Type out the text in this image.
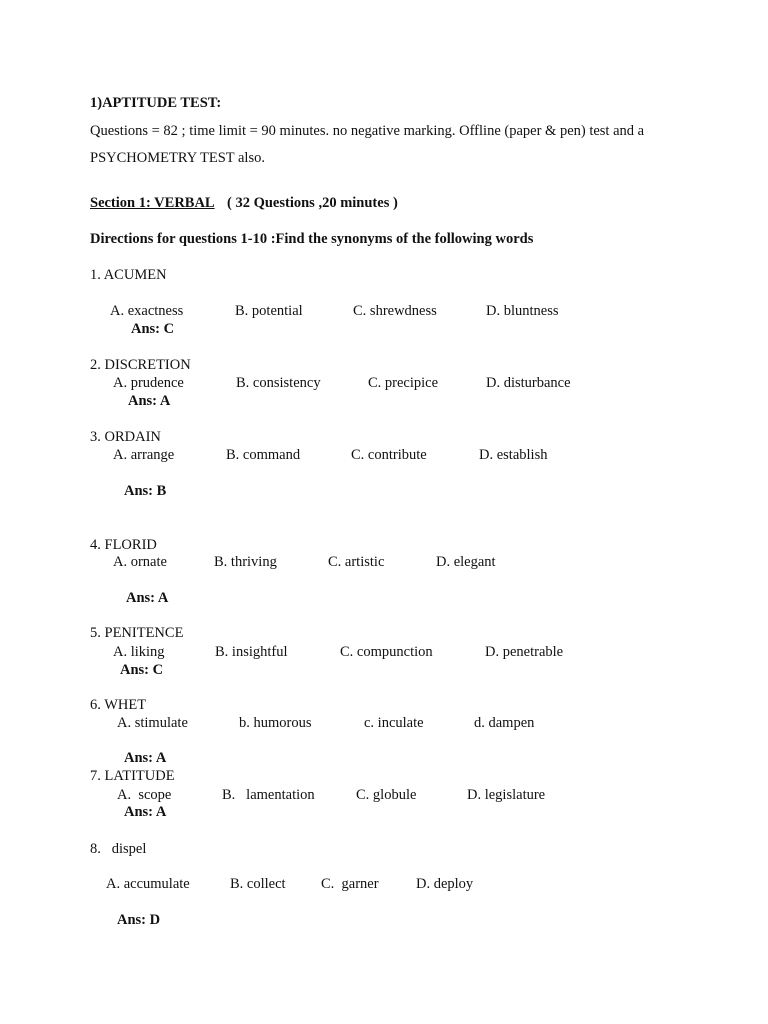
1)APTITUDE TEST:
Questions = 82 ; time limit = 90 minutes. no negative marking. Offline (paper & pen) test and a
PSYCHOMETRY TEST also.
Section 1: VERBAL ( 32 Questions ,20 minutes )
Directions for questions 1-10 :Find the synonyms of the following words
1. ACUMEN
A. exactness	B. potential	C. shrewdness	D. bluntness
Ans: C
2. DISCRETION
A. prudence	B. consistency	C. precipice	D. disturbance
Ans: A
3. ORDAIN
A. arrange	B. command	C. contribute	D. establish
Ans: B
4. FLORID
A. ornate	B. thriving	C. artistic	D. elegant
Ans: A
5. PENITENCE
A. liking	B. insightful	C. compunction	D. penetrable
Ans: C
6. WHET
A. stimulate	b. humorous	c. inculate	d. dampen
Ans: A
7. LATITUDE
A.  scope	B.   lamentation	C. globule	D. legislature
Ans: A
8.   dispel
A. accumulate	B. collect C.  garner	D. deploy
Ans: D
